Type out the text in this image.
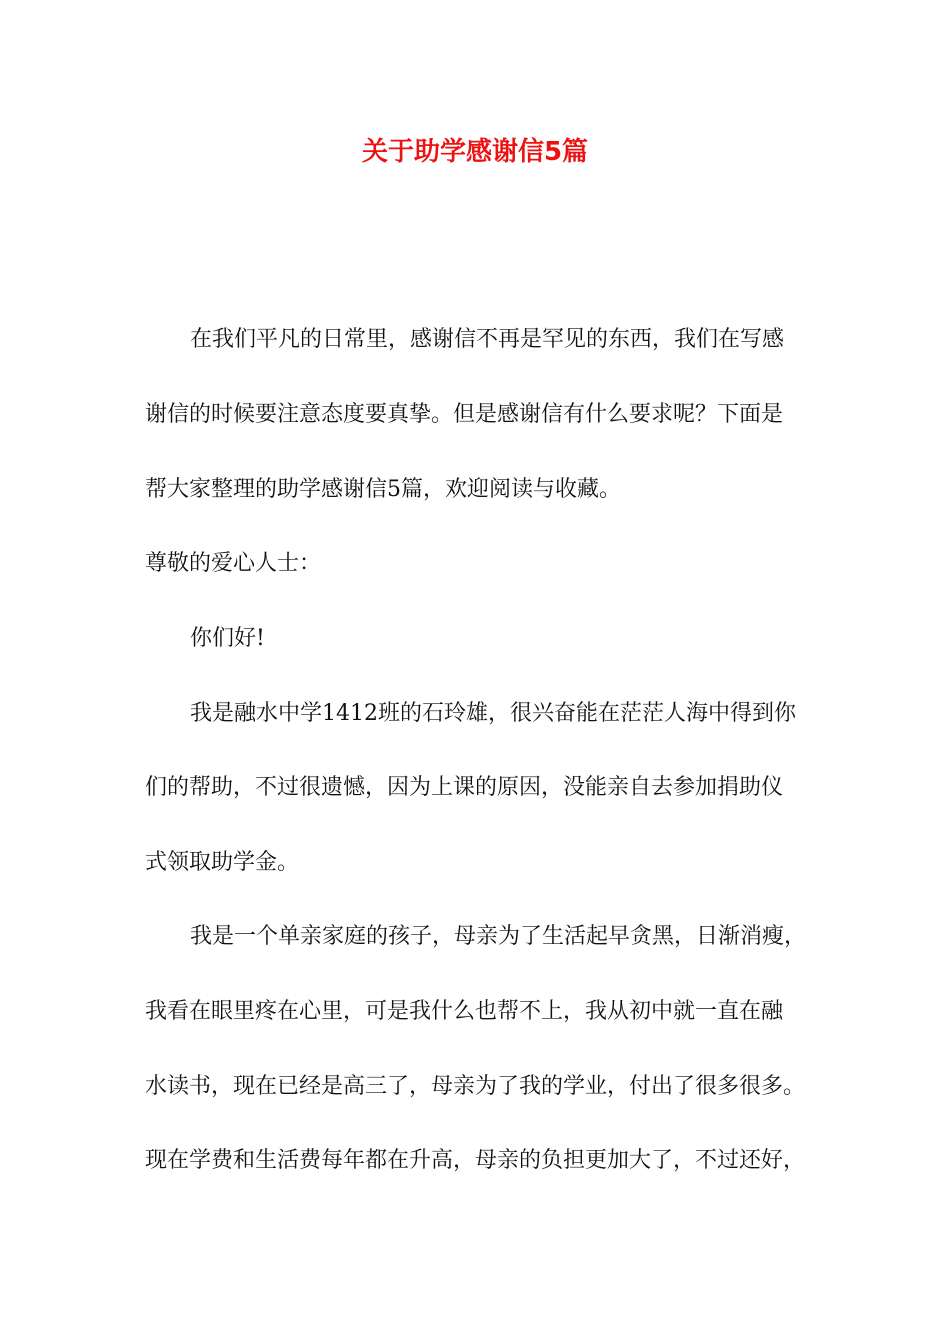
关于助学感谢信5篇

在我们平凡的日常里，感谢信不再是罕见的东西，我们在写感

谢信的时候要注意态度要真挚。但是感谢信有什么要求呢？下面是

帮大家整理的助学感谢信5篇，欢迎阅读与收藏。

尊敬的爱心人士：

你们好!

我是融水中学1412班的石玲雄，很兴奋能在茫茫人海中得到你

们的帮助，不过很遗憾，因为上课的原因，没能亲自去参加捐助仪

式领取助学金。

我是一个单亲家庭的孩子，母亲为了生活起早贪黑，日渐消瘦，

我看在眼里疼在心里，可是我什么也帮不上，我从初中就一直在融

水读书，现在已经是高三了，母亲为了我的学业，付出了很多很多。

现在学费和生活费每年都在升高，母亲的负担更加大了，不过还好，
